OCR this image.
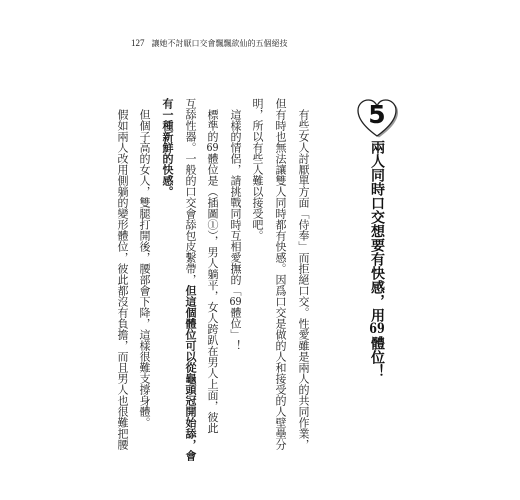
127 讓她不討厭口交會飄飄欲仙的五個絕技
5
兩人同時口交想要有快感，用69體位！
有些女人討厭單方面「侍奉」而拒絕口交。性愛雖是兩人的共同作業，
但有時也無法讓雙人同時都有快感。因爲口交是做的人和接受的人壁壘分
明，所以有些人難以接受吧。
這樣的情侶，請挑戰同時互相愛撫的「69體位」！
標準的69體位是（插圖①），男人躺平，女人跨趴在男人上面，彼此
互舔性器。一般的口交會舔包皮繫帶，但這個體位可以從龜頭冠開始舔，會
有一種新鮮的快感。
但個子高的女人，雙腿打開後，腰部會下降，這樣很難支撐身體。
假如兩人改用側躺的變形體位，彼此都沒有負擔，而且男人也很難把腰
